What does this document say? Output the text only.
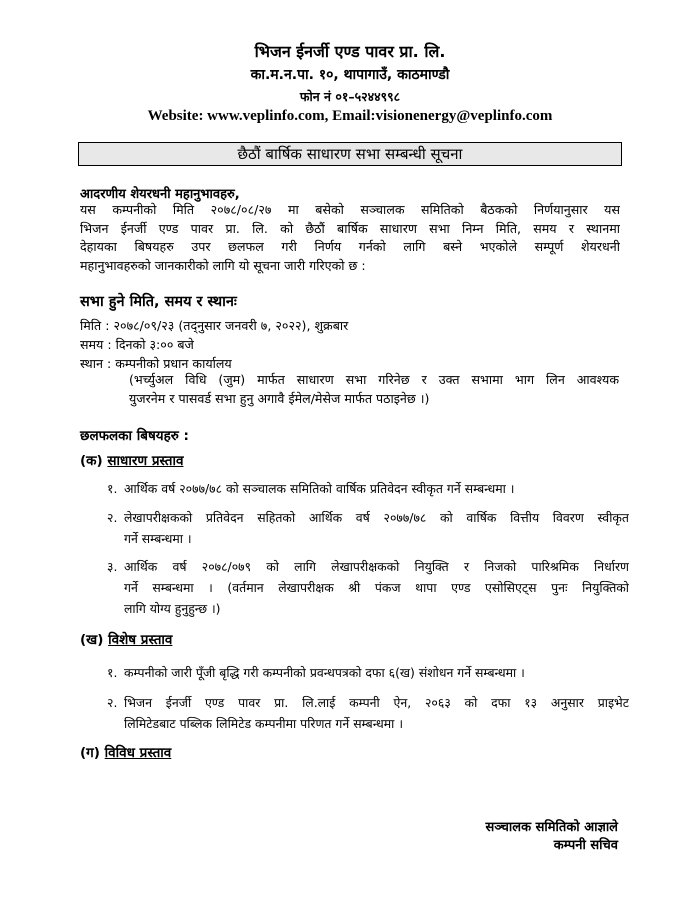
भिजन ईनर्जी एण्ड पावर प्रा. लि.
का.म.न.पा. १०, थापागाउँ, काठमाण्डौ
फोन नं ०१–५२४४९९८
Website: www.veplinfo.com, Email:visionenergy@veplinfo.com
छैठौं बार्षिक साधारण सभा सम्बन्धी सूचना
आदरणीय शेयरधनी महानुभावहरु,
यस कम्पनीको मिति २०७८/०८/२७ मा बसेको सञ्चालक समितिको बैठकको निर्णयानुसार यस
भिजन ईनर्जी एण्ड पावर प्रा. लि. को छैठौं बार्षिक साधारण सभा निम्न मिति, समय र स्थानमा
देहायका बिषयहरु उपर छलफल गरी निर्णय गर्नको लागि बस्ने भएकोले सम्पूर्ण शेयरधनी
महानुभावहरुको जानकारीको लागि यो सूचना जारी गरिएको छ :
सभा हुने मिति, समय र स्थानः
मिति : २०७८/०९/२३ (तद्नुसार जनवरी ७, २०२२), शुक्रबार
समय : दिनको ३:०० बजे
स्थान : कम्पनीको प्रधान कार्यालय
(भर्च्युअल विधि (जुम) मार्फत साधारण सभा गरिनेछ र उक्त सभामा भाग लिन आवश्यक
युजरनेम र पासवर्ड सभा हुनु अगावै ईमेल/मेसेज मार्फत पठाइनेछ ।)
छलफलका बिषयहरु :
(क) साधारण प्रस्ताव
१. आर्थिक वर्ष २०७७/७८ को सञ्चालक समितिको वार्षिक प्रतिवेदन स्वीकृत गर्ने सम्बन्धमा ।
२. लेखापरीक्षकको प्रतिवेदन सहितको आर्थिक वर्ष २०७७/७८ को वार्षिक वित्तीय विवरण स्वीकृत
गर्ने सम्बन्धमा ।
३. आर्थिक वर्ष २०७८/०७९ को लागि लेखापरीक्षकको नियुक्ति र निजको पारिश्रमिक निर्धारण
गर्ने सम्बन्धमा । (वर्तमान लेखापरीक्षक श्री पंकज थापा एण्ड एसोसिएट्स पुनः नियुक्तिको
लागि योग्य हुनुहुन्छ ।)
(ख) विशेष प्रस्ताव
१. कम्पनीको जारी पूँजी बृद्धि गरी कम्पनीको प्रवन्धपत्रको दफा ६(ख) संशोधन गर्ने सम्बन्धमा ।
२. भिजन ईनर्जी एण्ड पावर प्रा. लि.लाई कम्पनी ऐन, २०६३ को दफा १३ अनुसार प्राइभेट
लिमिटेडबाट पब्लिक लिमिटेड कम्पनीमा परिणत गर्ने सम्बन्धमा ।
(ग) विविध प्रस्ताव
सञ्चालक समितिको आज्ञाले
कम्पनी सचिव
